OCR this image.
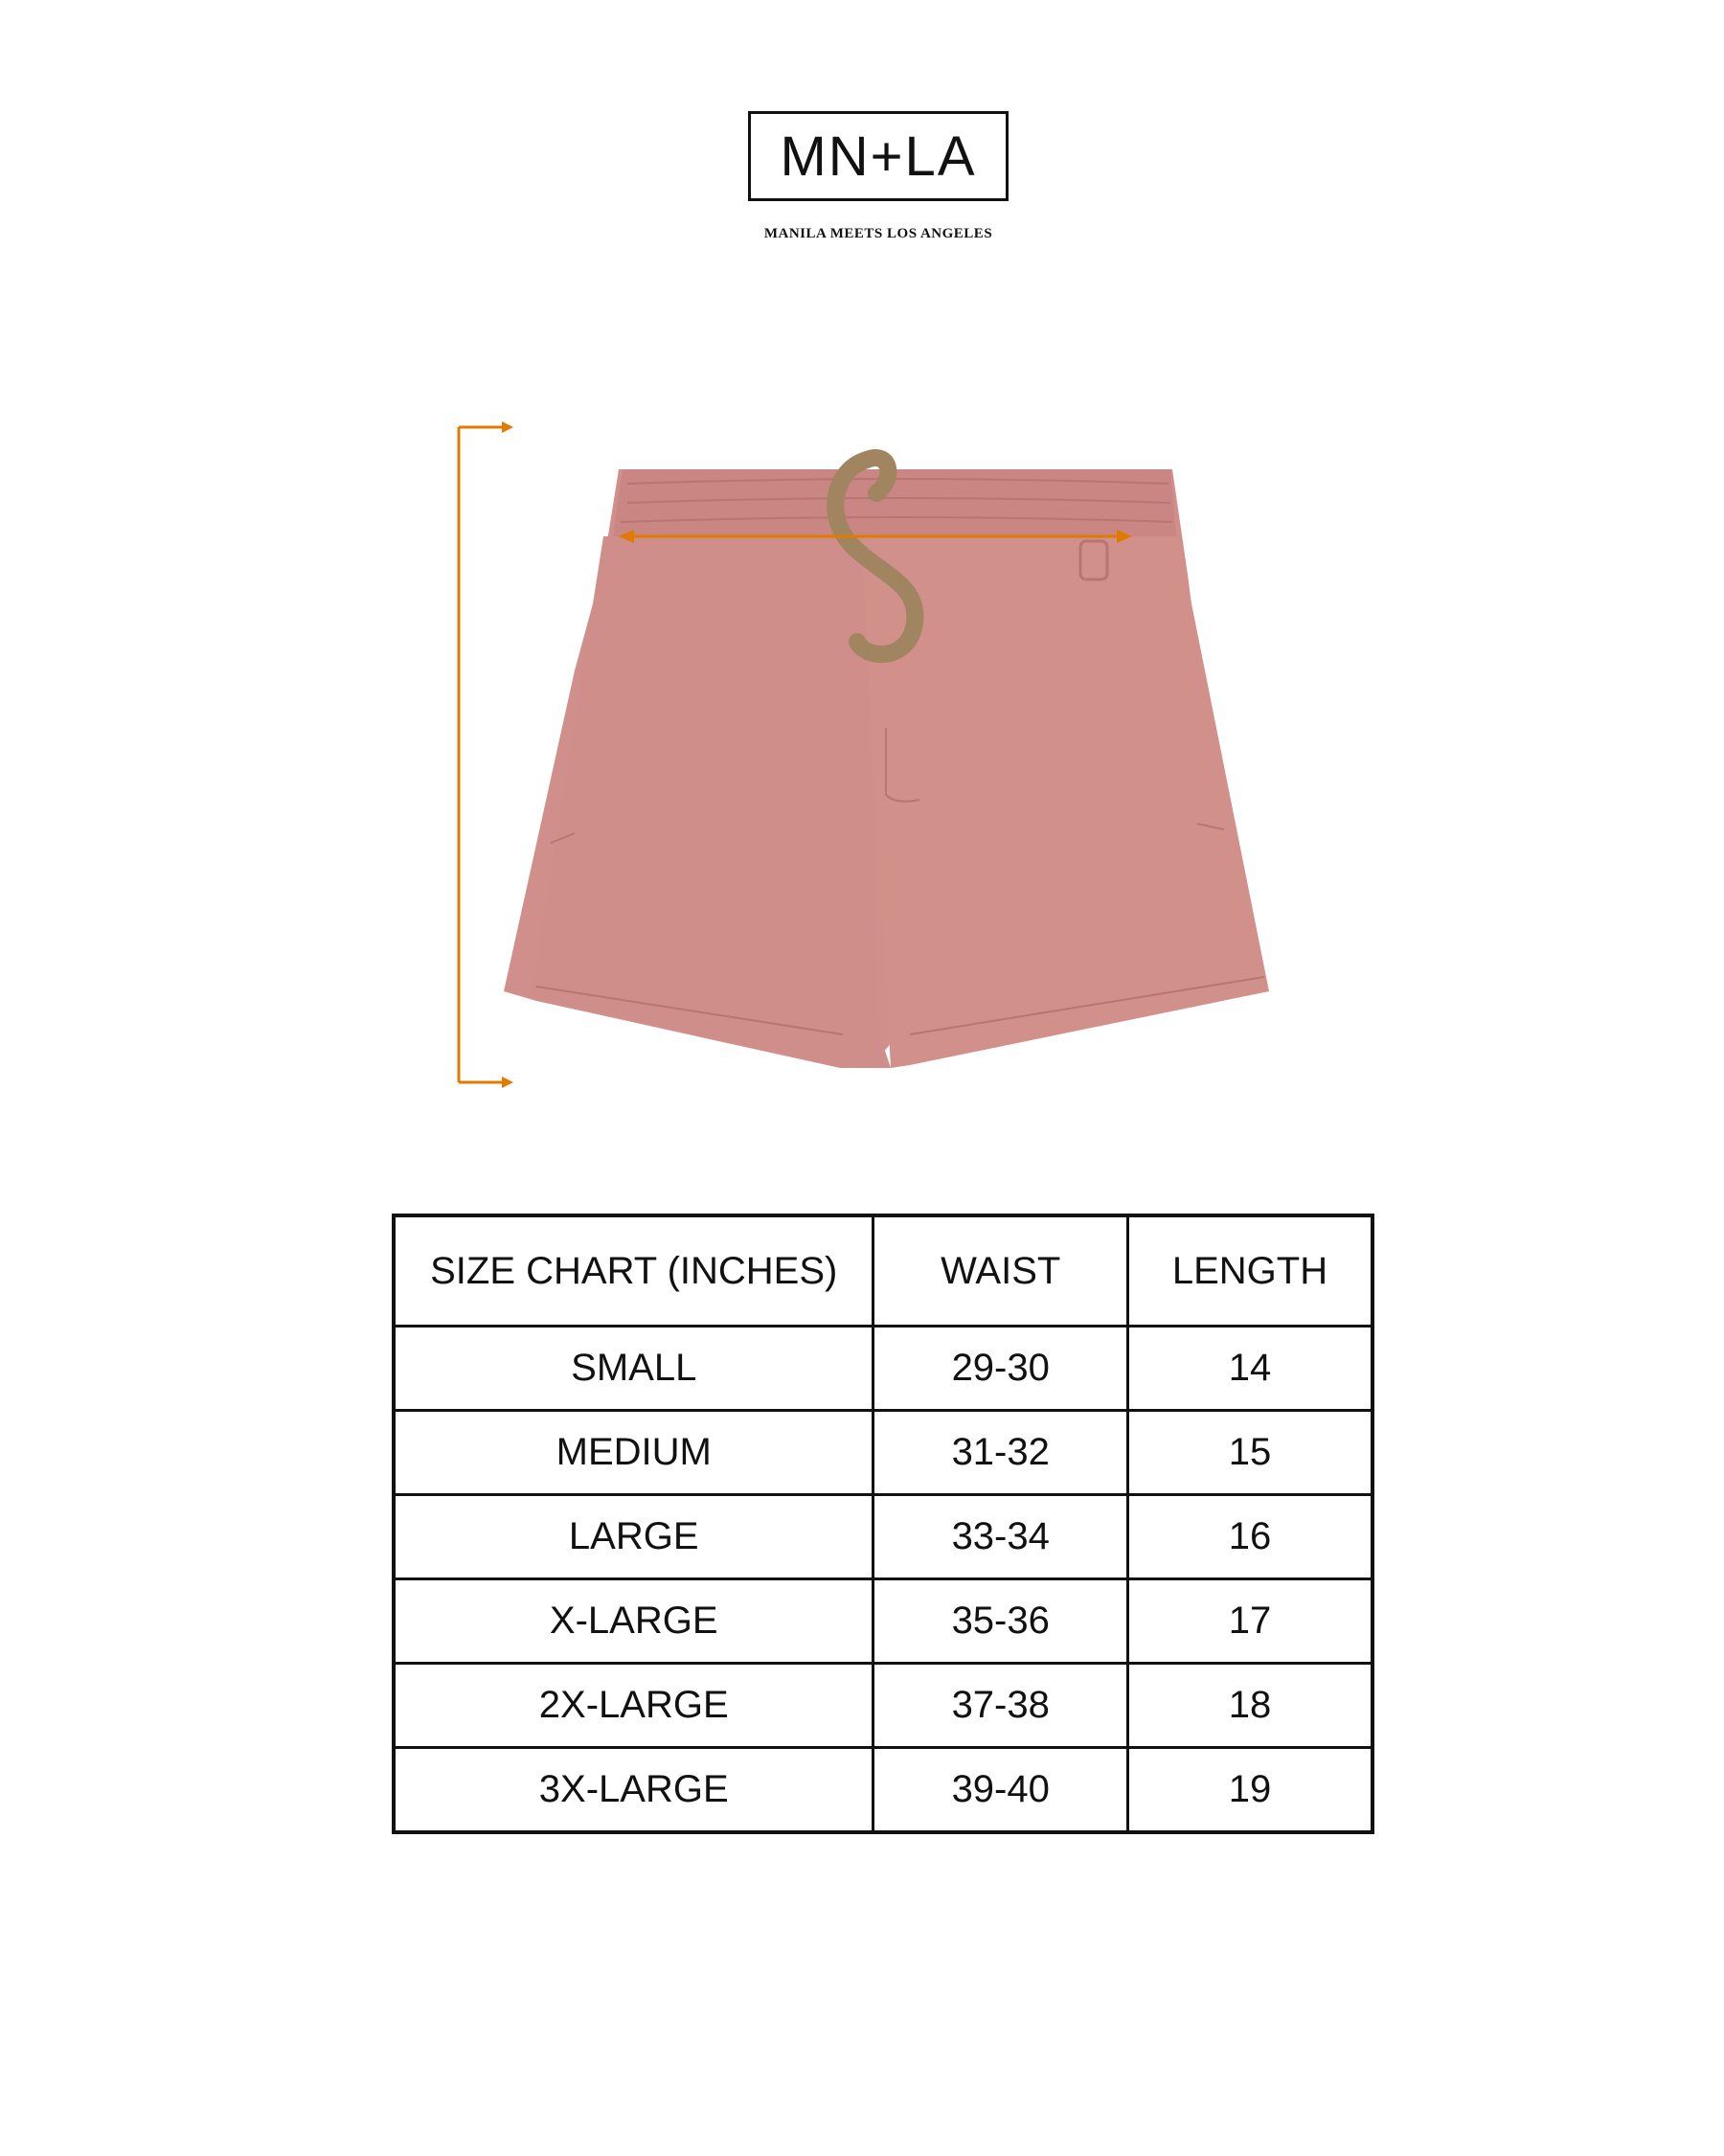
MN+LA
MANILA MEETS LOS ANGELES
SIZE CHART (INCHES)	WAIST	LENGTH
SMALL	29-30	14
MEDIUM	31-32	15
LARGE	33-34	16
X-LARGE	35-36	17
2X-LARGE	37-38	18
3X-LARGE	39-40	19
